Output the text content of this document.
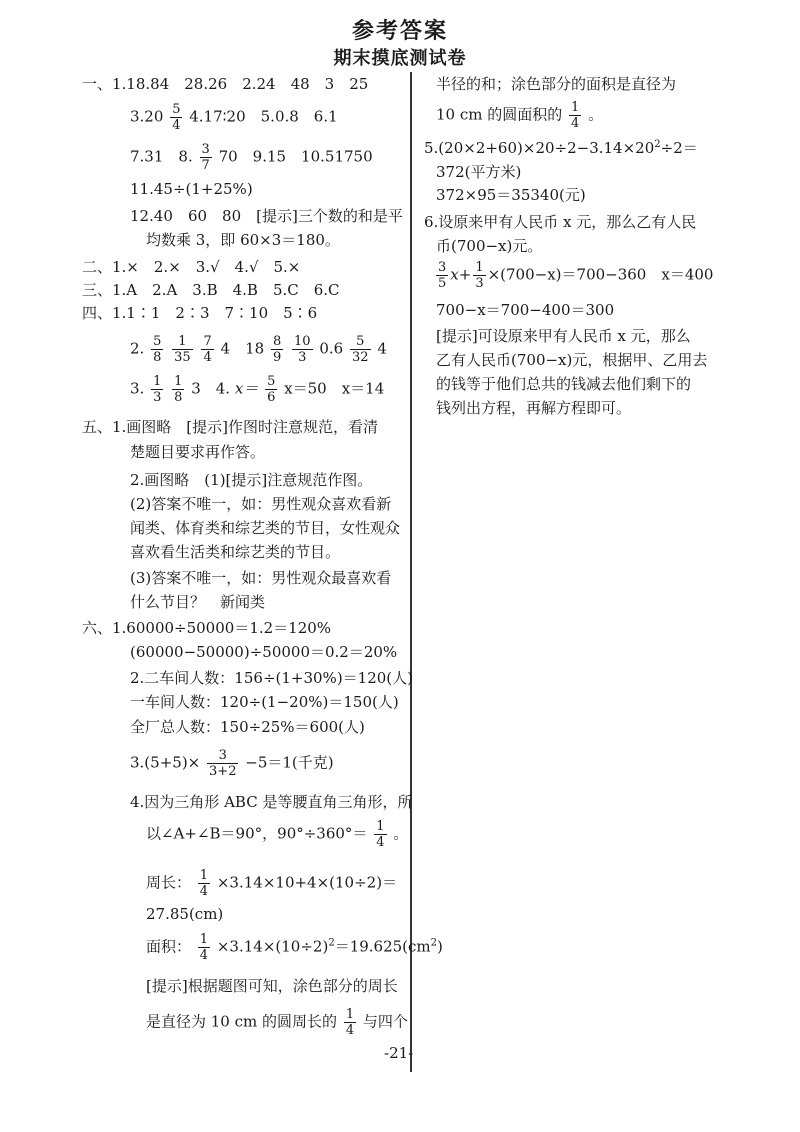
参考答案
期末摸底测试卷
一、1.18.84　28.26　2.24　48　3　25
$3.20 \frac{5}{4}$ 4.17∶20　5.0.8　6.1
7.31　8. $\frac{3}{7} 70$　9.15　10.51750
11.45÷(1+25%)
12.40　60　80　[提示]三个数的和是平
均数乘 3，即 60×3＝180。
二、1.×　2.×　3.√　4.√　5.×
三、1.A　2.A　3.B　4.B　5.C　6.C
四、1.1∶1　2∶3　7∶10　5∶6
2. $\frac{5}{8}$
$\frac{1}{35}$
$\frac{7}{4} 4$　$18 \frac{8}{9}$
$\frac{10}{3} 0.6 \frac{5}{32} 4$
3. $\frac{1}{3}$
$\frac{1}{8} 3$　4. $x= \frac{5}{6} x=50$　x＝14
五、1.画图略　[提示]作图时注意规范，看清
楚题目要求再作答。
2.画图略　(1)[提示]注意规范作图。
(2)答案不唯一，如：男性观众喜欢看新
闻类、体育类和综艺类的节目，女性观众
喜欢看生活类和综艺类的节目。
(3)答案不唯一，如：男性观众最喜欢看
什么节目？　新闻类
六、1.60000÷50000＝1.2＝120%
(60000−50000)÷50000＝0.2＝20%
2.二车间人数：156÷(1+30%)＝120(人)
一车间人数：120÷(1−20%)＝150(人)
全厂总人数：150÷25%＝600(人)
$3.(5+5)\times \frac{3}{3+2} -5=1$(千克)
4.因为三角形 ABC 是等腰直角三角形，所
以∠A+∠B＝90°，$90^\circ\div 360^\circ= \frac{1}{4}$ 。
周长： $\frac{1}{4} \times 3.14\times 10+4\times(10\div 2)=$
27.85(cm)
面积： $\frac{1}{4} \times 3.14\times(10\div 2)^2=19.625(cm^2)$
[提示]根据题图可知，涂色部分的周长
是直径为 10 cm 的圆周长的 $\frac{1}{4}$ 与四个
半径的和；涂色部分的面积是直径为
10 cm 的圆面积的 $\frac{1}{4}$ 。
$5.(20\times 2+60)\times 20\div 2-3.14\times 20^2\div 2=$
372(平方米)
372×95＝35340(元)
6.设原来甲有人民币 x 元，那么乙有人民
币(700−x)元。
$\frac{3}{5} x+ \frac{1}{3} \times(700-x)=700-360$　x＝400
700−x＝700−400＝300
[提示]可设原来甲有人民币 x 元，那么
乙有人民币(700−x)元，根据甲、乙用去
的钱等于他们总共的钱减去他们剩下的
钱列出方程，再解方程即可。
-21-
